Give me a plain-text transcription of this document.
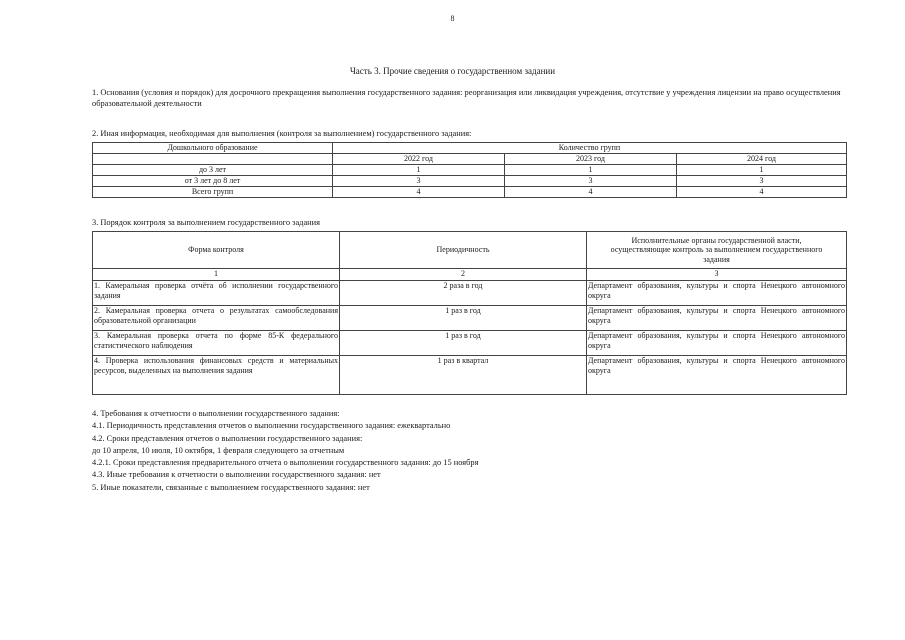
8
Часть 3. Прочие сведения о государственном задании
1. Основания (условия и порядок) для досрочного прекращения выполнения государственного задания: реорганизация или ликвидация учреждения, отсутствие у учреждения лицензии на право осуществления образовательной деятельности
2. Иная информация, необходимая для выполнения (контроля за выполнением) государственного задания:
Дошкольного образование	Количество групп		
	2022 год	2023 год	2024 год
до 3 лет	1	1	1
от 3 лет до 8 лет	3	3	3
Всего групп	4	4	4
3. Порядок контроля за выполнением государственного задания
Форма контроля	Периодичность	Исполнительные органы государственной власти, осуществляющие контроль за выполнением государственного задания
1	2	3
1. Камеральная проверка отчёта об исполнении государственного задания	2 раза в год	Департамент образования, культуры и спорта Ненецкого автономного округа
2. Камеральная проверка отчета о результатах самообследования образовательной организации	1 раз в год	Департамент образования, культуры и спорта Ненецкого автономного округа
3. Камеральная проверка отчета по форме 85-К федерального статистического наблюдения	1 раз в год	Департамент образования, культуры и спорта Ненецкого автономного округа
4. Проверка использования финансовых средств и материальных ресурсов, выделенных на выполнения задания	1 раз в квартал	Департамент образования, культуры и спорта Ненецкого автономного округа
4. Требования к отчетности о выполнении государственного задания:
4.1. Периодичность представления отчетов о выполнении государственного задания: ежеквартально
4.2. Сроки представления отчетов о выполнении государственного задания:
до 10 апреля, 10 июля, 10 октября, 1 февраля следующего за отчетным
4.2.1. Сроки представления предварительного отчета о выполнении государственного задания: до 15 ноября
4.3. Иные требования к отчетности о выполнении государственного задания: нет
5. Иные показатели, связанные с выполнением государственного задания: нет
